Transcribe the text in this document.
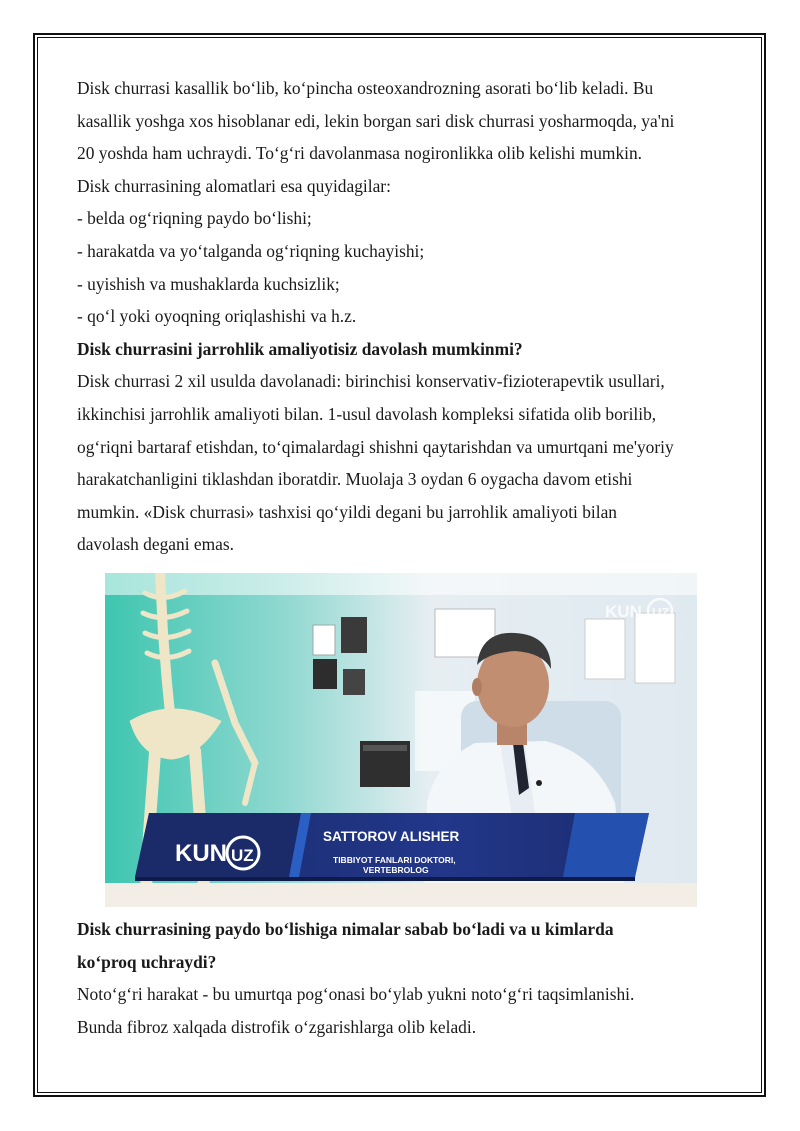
Disk churrasi kasallik bo‘lib, ko‘pincha osteoxandrozning asorati bo‘lib keladi. Bu
kasallik yoshga xos hisoblanar edi, lekin borgan sari disk churrasi yosharmoqda, ya'ni
20 yoshda ham uchraydi. To‘g‘ri davolanmasa nogironlikka olib kelishi mumkin.
Disk churrasining alomatlari esa quyidagilar:
- belda og‘riqning paydo bo‘lishi;
- harakatda va yo‘talganda og‘riqning kuchayishi;
- uyishish va mushaklarda kuchsizlik;
- qo‘l yoki oyoqning oriqlashishi va h.z.
Disk churrasini jarrohlik amaliyotisiz davolash mumkinmi?
Disk churrasi 2 xil usulda davolanadi: birinchisi konservativ-fizioterapevtik usullari,
ikkinchisi jarrohlik amaliyoti bilan. 1-usul davolash kompleksi sifatida olib borilib,
og‘riqni bartaraf etishdan, to‘qimalardagi shishni qaytarishdan va umurtqani me'yoriy
harakatchanligini tiklashdan iboratdir. Muolaja 3 oydan 6 oygacha davom etishi
mumkin. «Disk churrasi» tashxisi qo‘yildi degani bu jarrohlik amaliyoti bilan
davolash degani emas.
KUN UZ
KUN UZ
SATTOROV ALISHER
TIBBIYOT FANLARI DOKTORI,
VERTEBROLOG
Disk churrasining paydo bo‘lishiga nimalar sabab bo‘ladi va u kimlarda
ko‘proq uchraydi?
Noto‘g‘ri harakat - bu umurtqa pog‘onasi bo‘ylab yukni noto‘g‘ri taqsimlanishi.
Bunda fibroz xalqada distrofik o‘zgarishlarga olib keladi.
